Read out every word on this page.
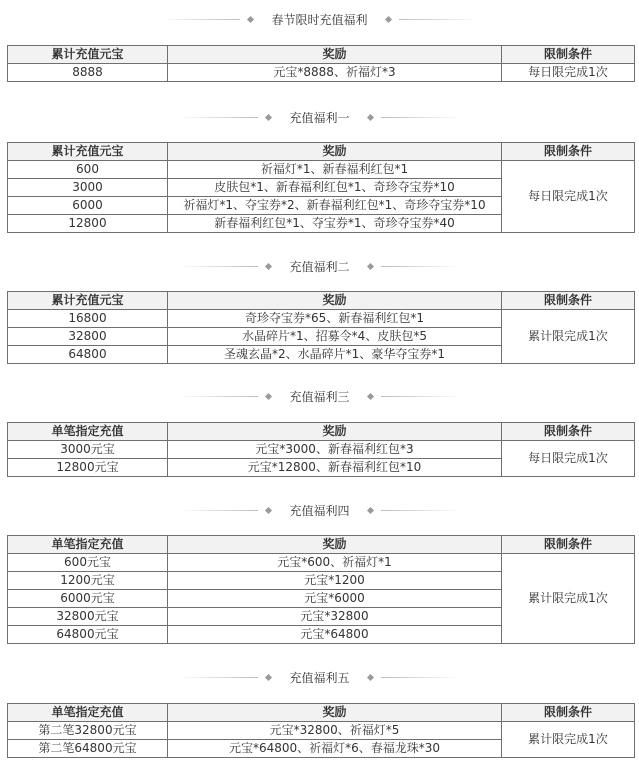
春节限时充值福利
累计充值元宝	奖励	限制条件
8888	元宝*8888、祈福灯*3	每日限完成1次
充值福利一
累计充值元宝	奖励	限制条件
600	祈福灯*1、新春福利红包*1	每日限完成1次
3000	皮肤包*1、新春福利红包*1、奇珍夺宝券*10	
6000	祈福灯*1、夺宝券*2、新春福利红包*1、奇珍夺宝券*10	
12800	新春福利红包*1、夺宝券*1、奇珍夺宝券*40	
充值福利二
累计充值元宝	奖励	限制条件
16800	奇珍夺宝券*65、新春福利红包*1	累计限完成1次
32800	水晶碎片*1、招募令*4、皮肤包*5	
64800	圣魂玄晶*2、水晶碎片*1、豪华夺宝券*1	
充值福利三
单笔指定充值	奖励	限制条件
3000元宝	元宝*3000、新春福利红包*3	每日限完成1次
12800元宝	元宝*12800、新春福利红包*10	
充值福利四
单笔指定充值	奖励	限制条件
600元宝	元宝*600、祈福灯*1	累计限完成1次
1200元宝	元宝*1200	
6000元宝	元宝*6000	
32800元宝	元宝*32800	
64800元宝	元宝*64800	
充值福利五
单笔指定充值	奖励	限制条件
第二笔32800元宝	元宝*32800、祈福灯*5	累计限完成1次
第二笔64800元宝	元宝*64800、祈福灯*6、春福龙珠*30	
